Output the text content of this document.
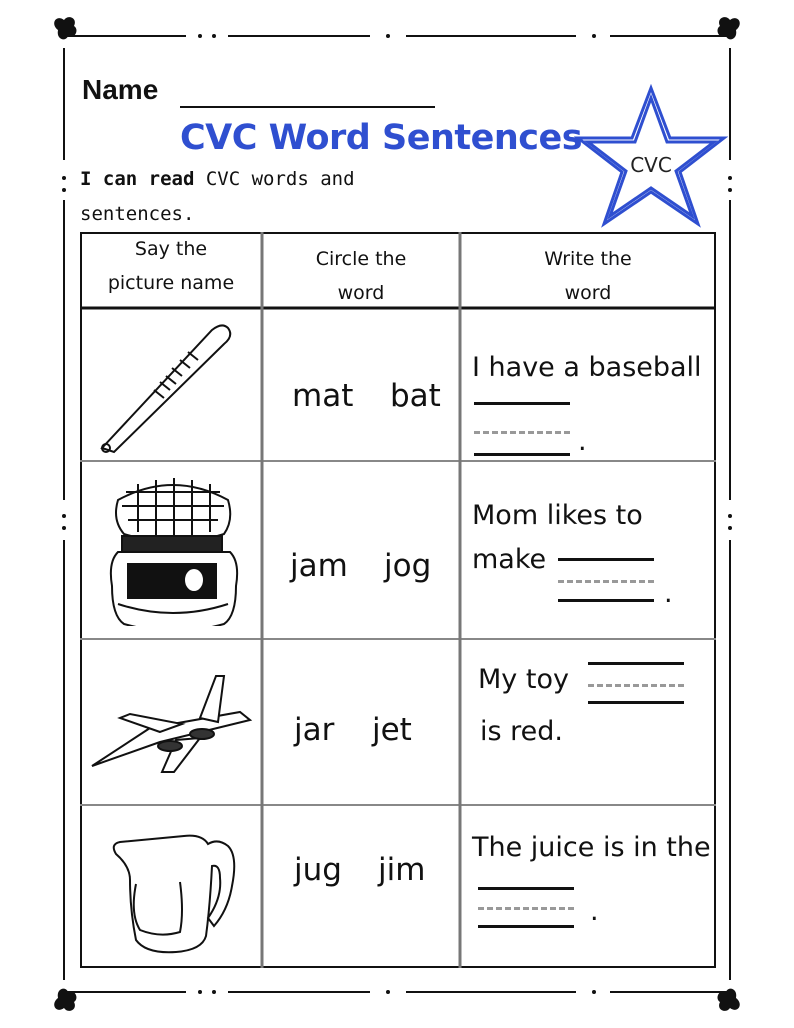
Name
CVC Word Sentences
I can read CVC words and sentences.
CVC
Say the
picture name
Circle the
word
Write the
word
mat bat
I have a baseball
.
jam jog
Mom likes to
make
.
jar jet
My toy
is red.
jug jim
The juice is in the
.
